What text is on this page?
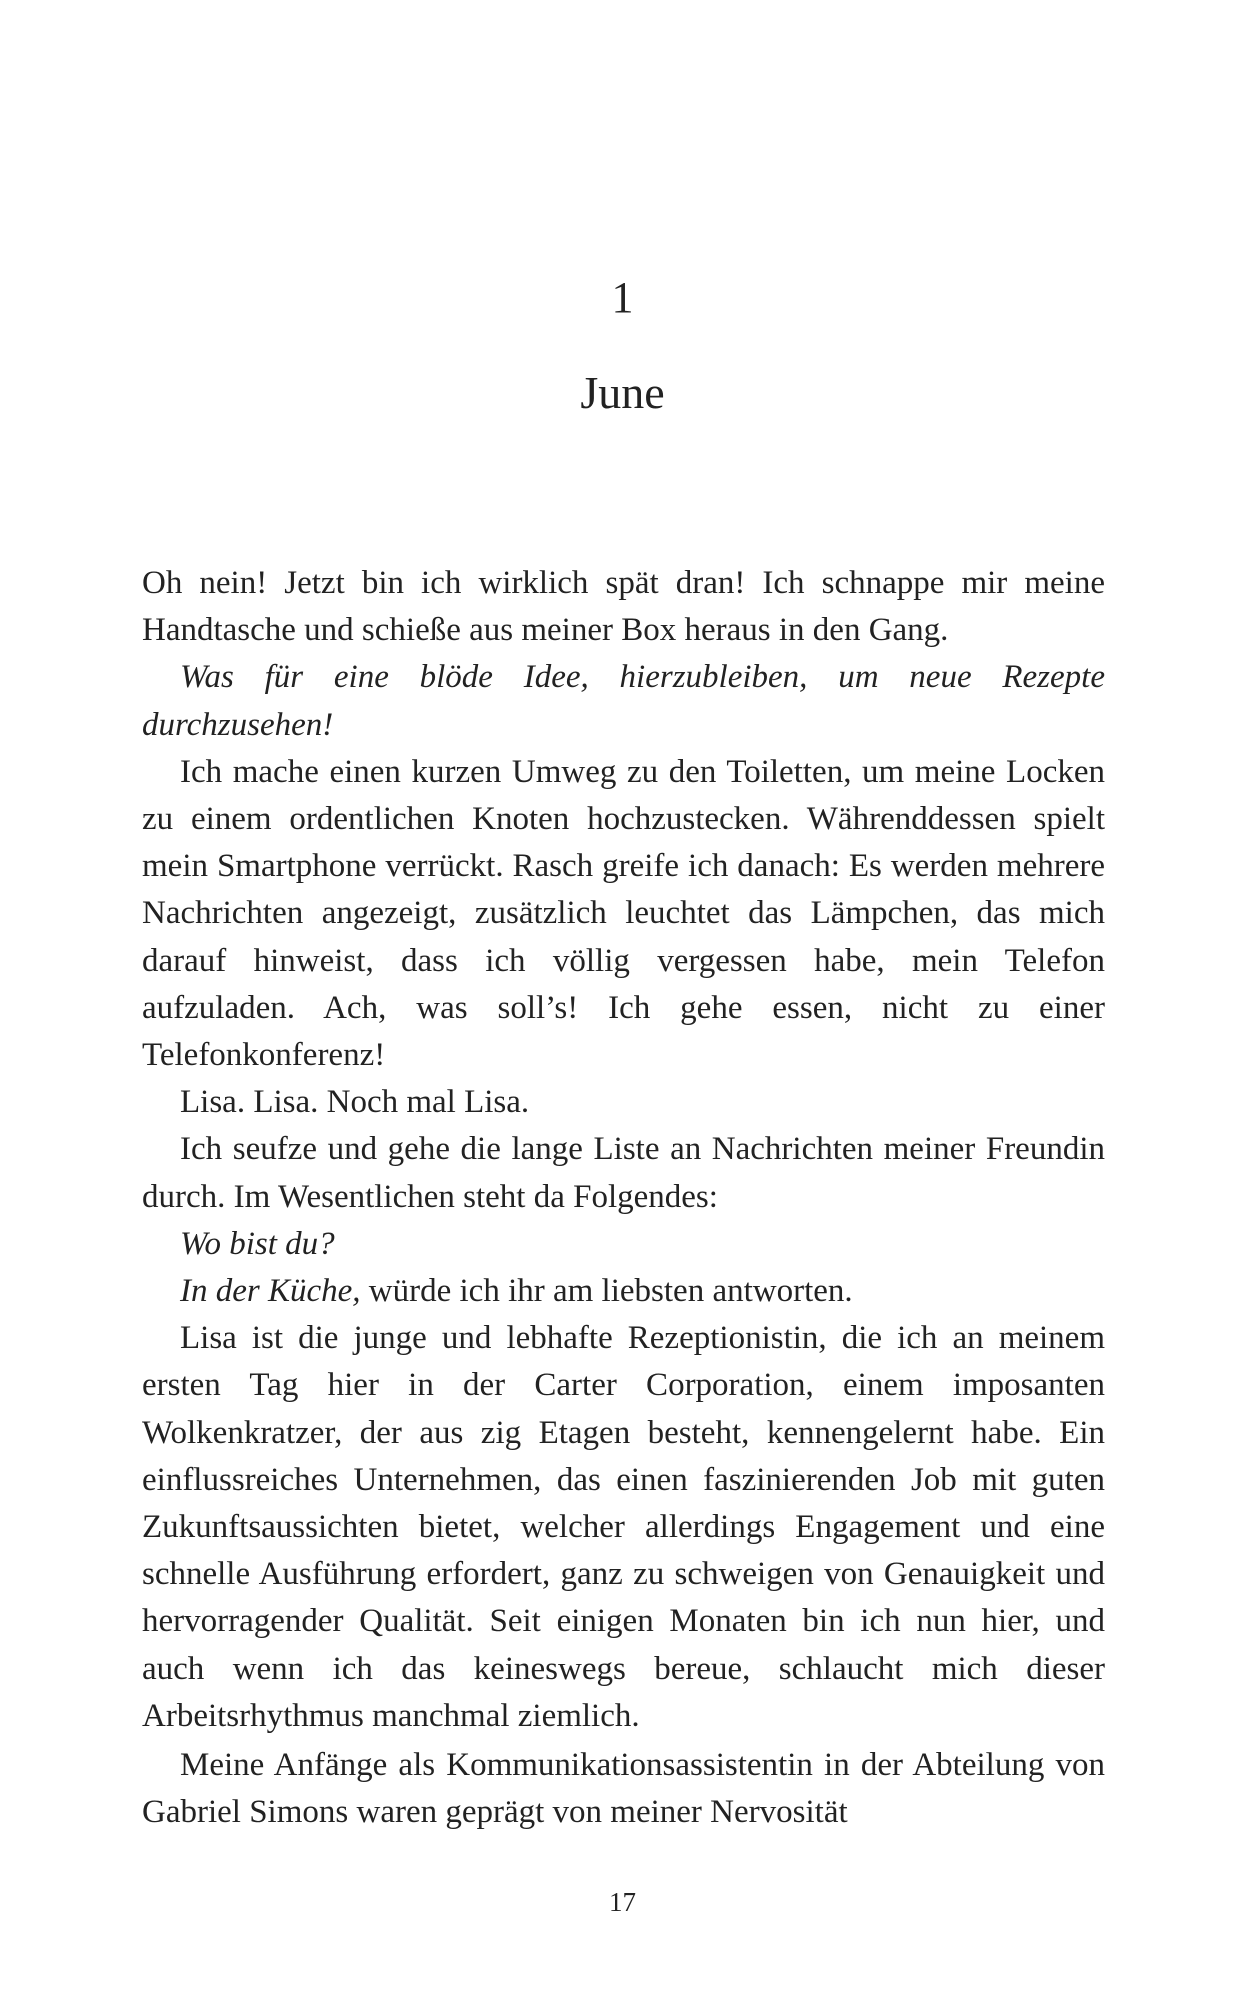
1
June

Oh nein! Jetzt bin ich wirklich spät dran! Ich schnappe mir meine Handtasche und schieße aus meiner Box heraus in den Gang.

Was für eine blöde Idee, hierzubleiben, um neue Rezepte durchzusehen!

Ich mache einen kurzen Umweg zu den Toiletten, um meine Locken zu einem ordentlichen Knoten hochzustecken. Währenddessen spielt mein Smartphone verrückt. Rasch greife ich danach: Es werden mehrere Nachrichten angezeigt, zusätzlich leuchtet das Lämpchen, das mich darauf hinweist, dass ich völlig vergessen habe, mein Telefon aufzuladen. Ach, was soll’s! Ich gehe essen, nicht zu einer Telefonkonferenz!

Lisa. Lisa. Noch mal Lisa.

Ich seufze und gehe die lange Liste an Nachrichten meiner Freundin durch. Im Wesentlichen steht da Folgendes:

Wo bist du?

In der Küche, würde ich ihr am liebsten antworten.

Lisa ist die junge und lebhafte Rezeptionistin, die ich an meinem ersten Tag hier in der Carter Corporation, einem imposanten Wolkenkratzer, der aus zig Etagen besteht, kennengelernt habe. Ein einflussreiches Unternehmen, das einen faszinierenden Job mit guten Zukunftsaussichten bietet, welcher allerdings Engagement und eine schnelle Ausführung erfordert, ganz zu schweigen von Genauigkeit und hervorragender Qualität. Seit einigen Monaten bin ich nun hier, und auch wenn ich das keineswegs bereue, schlaucht mich dieser Arbeitsrhythmus manchmal ziemlich.

Meine Anfänge als Kommunikationsassistentin in der Abteilung von Gabriel Simons waren geprägt von meiner Nervosität

17
